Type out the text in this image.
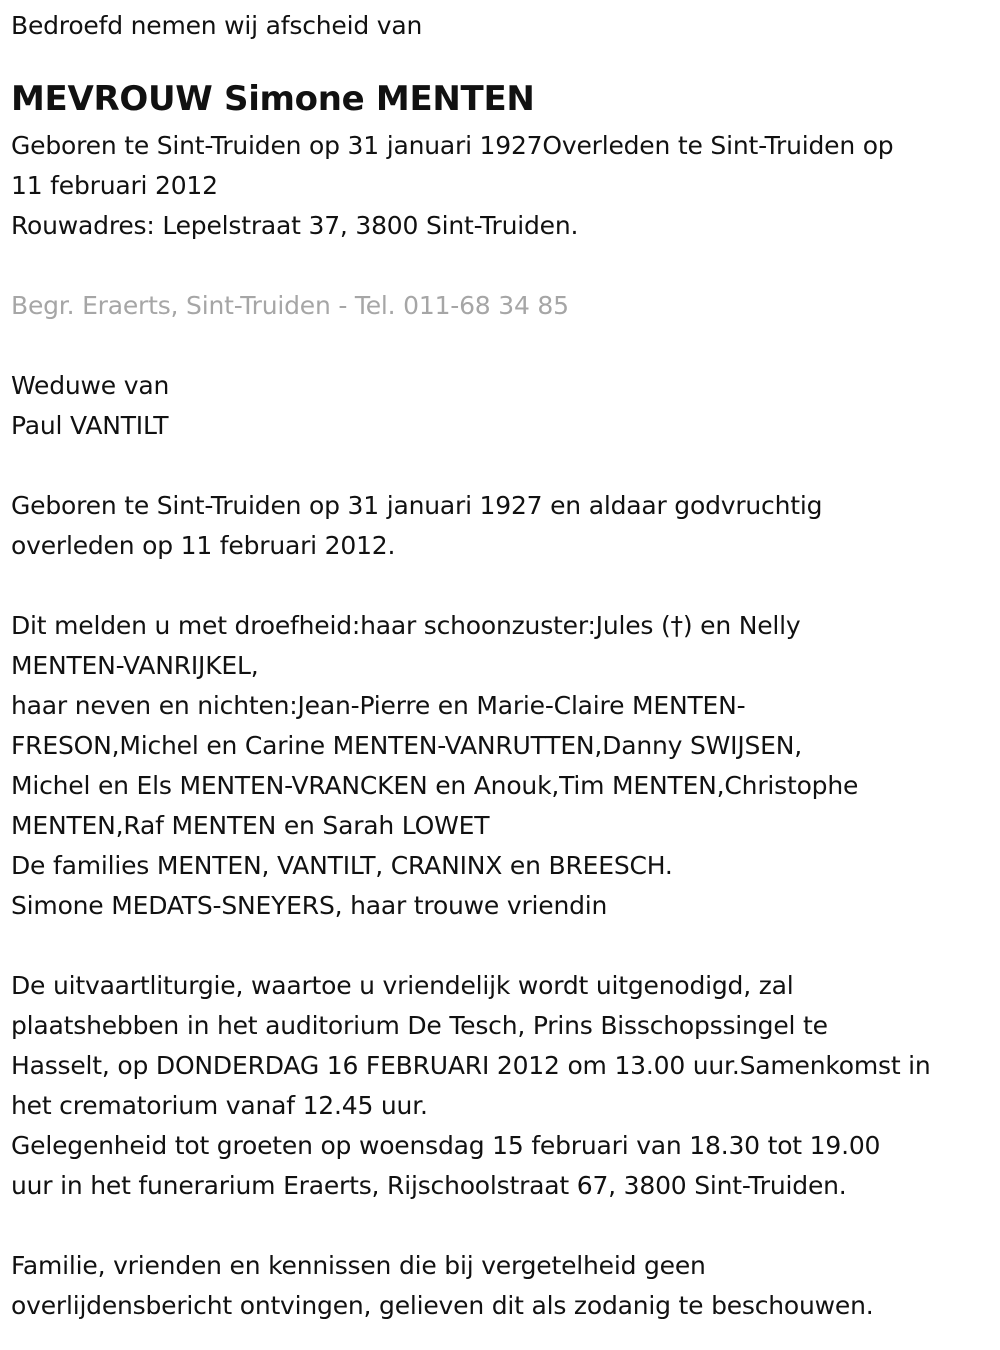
Bedroefd nemen wij afscheid van
MEVROUW Simone MENTEN
Geboren te Sint-Truiden op 31 januari 1927Overleden te Sint-Truiden op
11 februari 2012
Rouwadres: Lepelstraat 37, 3800 Sint-Truiden.
Begr. Eraerts, Sint-Truiden - Tel. 011-68 34 85
Weduwe van
Paul VANTILT
Geboren te Sint-Truiden op 31 januari 1927 en aldaar godvruchtig
overleden op 11 februari 2012.
Dit melden u met droefheid:haar schoonzuster:Jules (†) en Nelly
MENTEN-VANRIJKEL,
haar neven en nichten:Jean-Pierre en Marie-Claire MENTEN-
FRESON,Michel en Carine MENTEN-VANRUTTEN,Danny SWIJSEN,
Michel en Els MENTEN-VRANCKEN en Anouk,Tim MENTEN,Christophe
MENTEN,Raf MENTEN en Sarah LOWET
De families MENTEN, VANTILT, CRANINX en BREESCH.
Simone MEDATS-SNEYERS, haar trouwe vriendin
De uitvaartliturgie, waartoe u vriendelijk wordt uitgenodigd, zal
plaatshebben in het auditorium De Tesch, Prins Bisschopssingel te
Hasselt, op DONDERDAG 16 FEBRUARI 2012 om 13.00 uur.Samenkomst in
het crematorium vanaf 12.45 uur.
Gelegenheid tot groeten op woensdag 15 februari van 18.30 tot 19.00
uur in het funerarium Eraerts, Rijschoolstraat 67, 3800 Sint-Truiden.
Familie, vrienden en kennissen die bij vergetelheid geen
overlijdensbericht ontvingen, gelieven dit als zodanig te beschouwen.
